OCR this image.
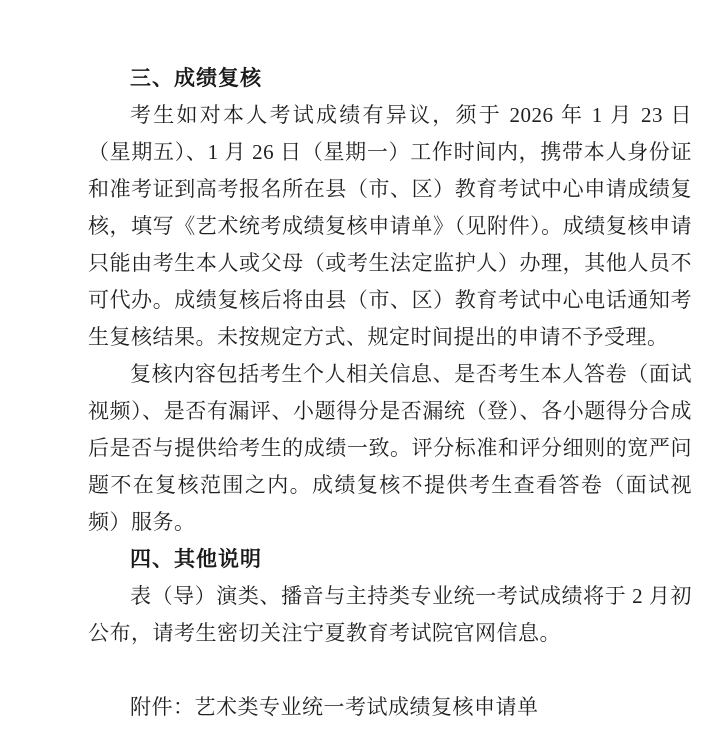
三、成绩复核

考生如对本人考试成绩有异议，须于 2026 年 1 月 23 日（星期五）、1 月 26 日（星期一）工作时间内，携带本人身份证和准考证到高考报名所在县（市、区）教育考试中心申请成绩复核，填写《艺术统考成绩复核申请单》（见附件）。成绩复核申请只能由考生本人或父母（或考生法定监护人）办理，其他人员不可代办。成绩复核后将由县（市、区）教育考试中心电话通知考生复核结果。未按规定方式、规定时间提出的申请不予受理。

复核内容包括考生个人相关信息、是否考生本人答卷（面试视频）、是否有漏评、小题得分是否漏统（登）、各小题得分合成后是否与提供给考生的成绩一致。评分标准和评分细则的宽严问题不在复核范围之内。成绩复核不提供考生查看答卷（面试视频）服务。

四、其他说明

表（导）演类、播音与主持类专业统一考试成绩将于 2 月初公布，请考生密切关注宁夏教育考试院官网信息。

附件：艺术类专业统一考试成绩复核申请单
